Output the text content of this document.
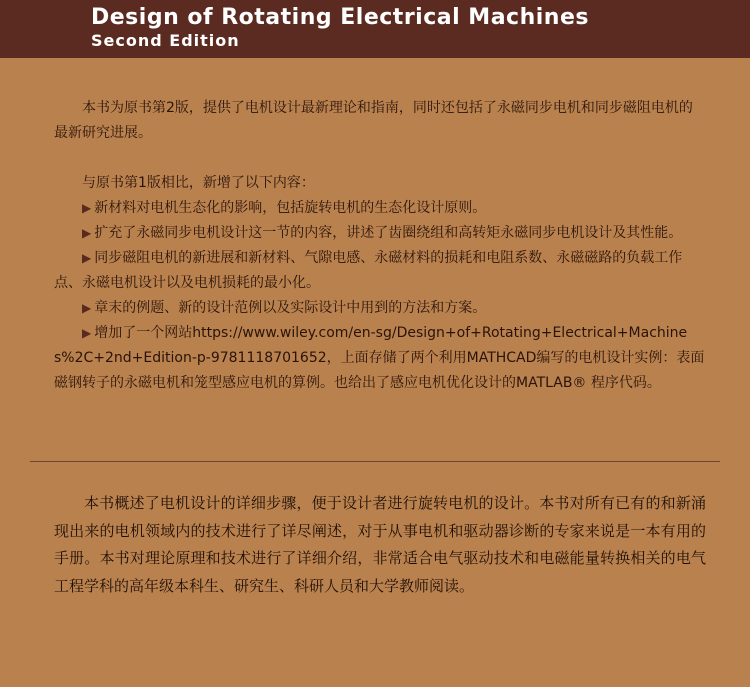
Design of Rotating Electrical Machines
Second Edition

本书为原书第2版，提供了电机设计最新理论和指南，同时还包括了永磁同步电机和同步磁阻电机的最新研究进展。

与原书第1版相比，新增了以下内容：

▶ 新材料对电机生态化的影响，包括旋转电机的生态化设计原则。

▶ 扩充了永磁同步电机设计这一节的内容，讲述了齿圈绕组和高转矩永磁同步电机设计及其性能。

▶ 同步磁阻电机的新进展和新材料、气隙电感、永磁材料的损耗和电阻系数、永磁磁路的负载工作点、永磁电机设计以及电机损耗的最小化。

▶ 章末的例题、新的设计范例以及实际设计中用到的方法和方案。

▶ 增加了一个网站https://www.wiley.com/en-sg/Design+of+Rotating+Electrical+Machines%2C+2nd+Edition-p-9781118701652，上面存储了两个利用MATHCAD编写的电机设计实例：表面磁钢转子的永磁电机和笼型感应电机的算例。也给出了感应电机优化设计的MATLAB® 程序代码。

本书概述了电机设计的详细步骤，便于设计者进行旋转电机的设计。本书对所有已有的和新涌现出来的电机领域内的技术进行了详尽阐述，对于从事电机和驱动器诊断的专家来说是一本有用的手册。本书对理论原理和技术进行了详细介绍，非常适合电气驱动技术和电磁能量转换相关的电气工程学科的高年级本科生、研究生、科研人员和大学教师阅读。
